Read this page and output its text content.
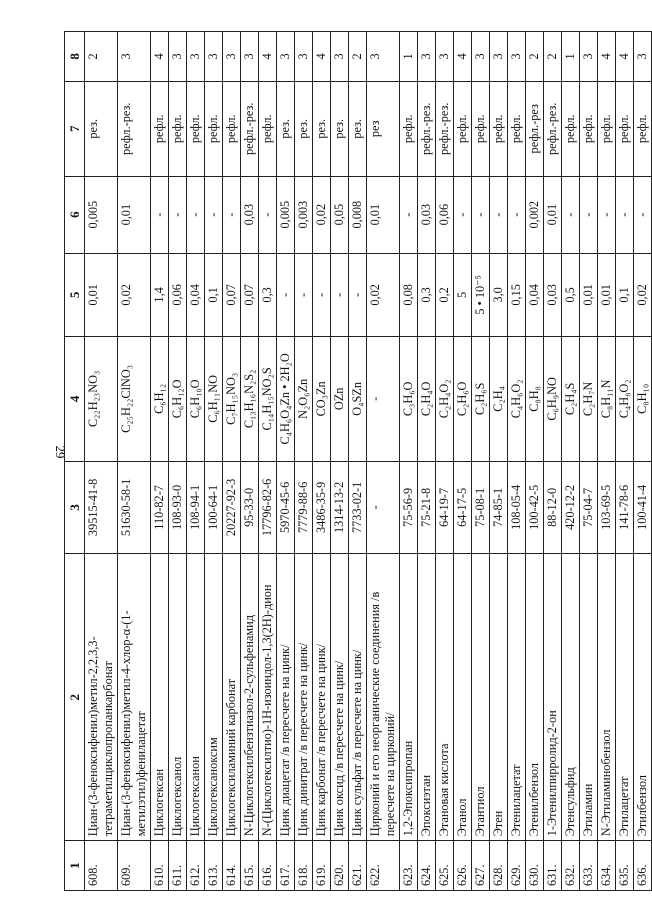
29
1	2	3	4	5	6	7	8
608.	Циан-(3-феноксифенил)метил-2,2,3,3-тетраметилциклопропанкарбонат	39515-41-8	C₂₂H₂₃NO₃	0,01	0,005	рез.	2
609.	Циан-(3-феноксифенил)метил-4-хлор-α-(1-метилэтил)фенилацетат	51630-58-1	C₂₅H₂₂ClNO₃	0,02	0,01	рефл.-рез.	3
610.	Циклогексан	110-82-7	C₆H₁₂	1,4	-	рефл.	4
611.	Циклогексанол	108-93-0	C₆H₁₂O	0,06	-	рефл.	3
612.	Циклогексанон	108-94-1	C₆H₁₀O	0,04	-	рефл.	3
613.	Циклогексаноксим	100-64-1	C₆H₁₁NO	0,1	-	рефл.	3
614.	Циклогексиламиний карбонат	20227-92-3	C₇H₁₅NO₃	0,07	-	рефл.	3
615.	N-Циклогексилбензтиазол-2-сульфенамид	95-33-0	C₁₃H₁₆N₂S₂	0,07	0,03	рефл.-рез.	3
616.	N-(Циклогексилтио)-1Н-изоиндол-1,3(2Н)-дион	17796-82-6	C₁₄H₁₅NO₂S	0,3	-	рефл.	4
617.	Цинк диацетат /в пересчете на цинк/	5970-45-6	C₄H₆O₄Zn • 2H₂O	-	0,005	рез.	3
618.	Цинк динитрат /в пересчете на цинк/	7779-88-6	N₂O₆Zn	-	0,003	рез.	3
619.	Цинк карбонат /в пересчете на цинк/	3486-35-9	CO₃Zn	-	0,02	рез.	4
620.	Цинк оксид /в пересчете на цинк/	1314-13-2	OZn	-	0,05	рез.	3
621.	Цинк сульфат /в пересчете на цинк/	7733-02-1	O₄SZn	-	0,008	рез.	2
622.	Цирконий и его неорганические соединения /в пересчете на цирконий/	-	-	0,02	0,01	рез	3
623.	1,2-Эпоксипропан	75-56-9	C₃H₆O	0,08	-	рефл.	1
624.	Эпоксиэтан	75-21-8	C₂H₄O	0,3	0,03	рефл.-рез.	3
625.	Этановая кислота	64-19-7	C₂H₄O₂	0,2	0,06	рефл.-рез.	3
626.	Этанол	64-17-5	C₂H₆O	5	-	рефл.	4
627.	Этантиол	75-08-1	C₂H₆S	5 • 10⁻⁵	-	рефл.	3
628.	Этен	74-85-1	C₂H₄	3,0	-	рефл.	3
629.	Этенилацетат	108-05-4	C₄H₆O₂	0,15	-	рефл.	3
630.	Этенилбензол	100-42-5	C₈H₈	0,04	0,002	рефл.-рез	2
631.	1-Этенилпирролид-2-он	88-12-0	C₆H₉NO	0,03	0,01	рефл.-рез.	2
632.	Этенсульфид	420-12-2	C₂H₄S	0,5	-	рефл.	1
633.	Этиламин	75-04-7	C₂H₇N	0,01	-	рефл.	3
634.	N-Этиламинобензол	103-69-5	C₈H₁₁N	0,01	-	рефл.	4
635.	Этилацетат	141-78-6	C₄H₈O₂	0,1	-	рефл.	4
636.	Этилбензол	100-41-4	C₈H₁₀	0,02	-	рефл.	3
